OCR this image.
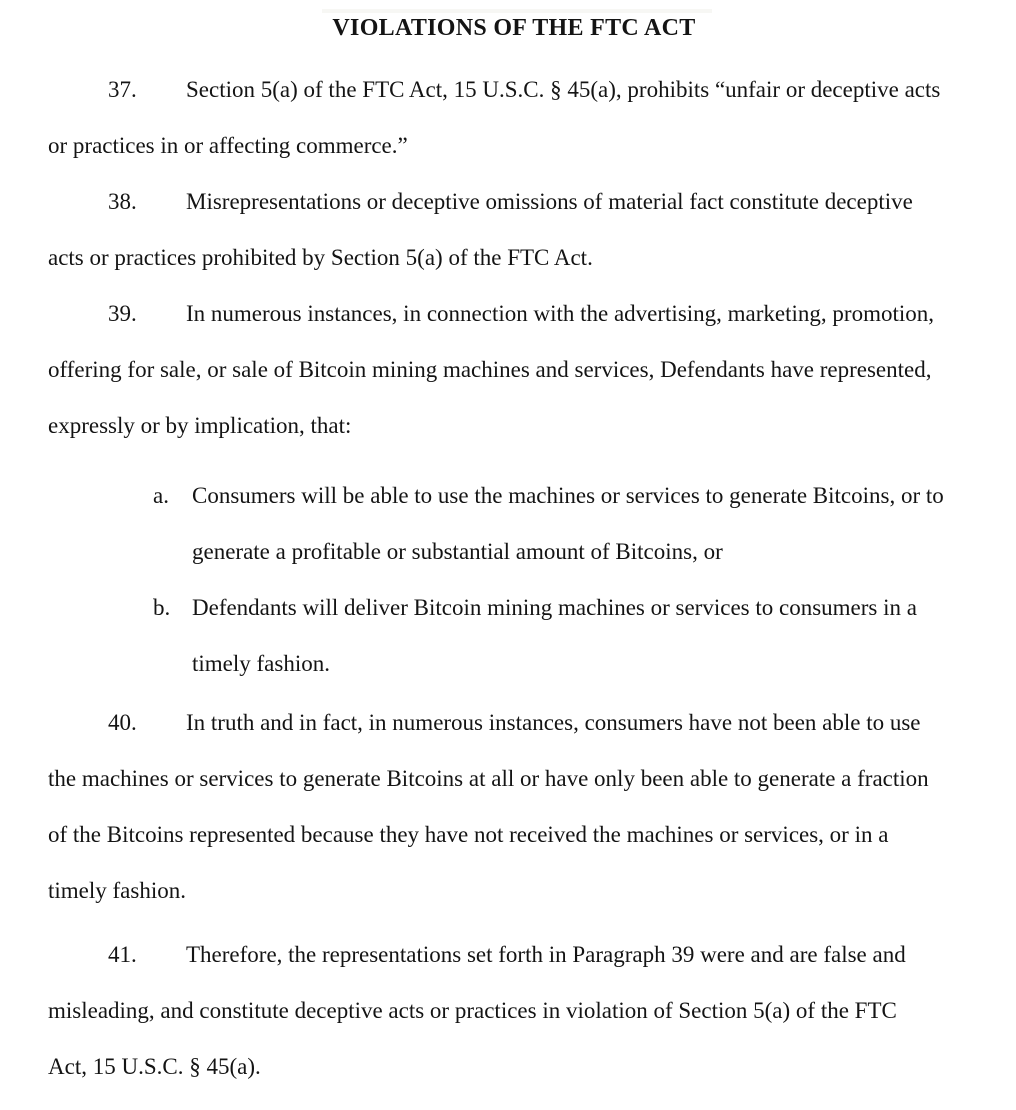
VIOLATIONS OF THE FTC ACT
37. Section 5(a) of the FTC Act, 15 U.S.C. § 45(a), prohibits “unfair or deceptive acts
or practices in or affecting commerce.”
38. Misrepresentations or deceptive omissions of material fact constitute deceptive
acts or practices prohibited by Section 5(a) of the FTC Act.
39. In numerous instances, in connection with the advertising, marketing, promotion,
offering for sale, or sale of Bitcoin mining machines and services, Defendants have represented,
expressly or by implication, that:
a. Consumers will be able to use the machines or services to generate Bitcoins, or to
generate a profitable or substantial amount of Bitcoins, or
b. Defendants will deliver Bitcoin mining machines or services to consumers in a
timely fashion.
40. In truth and in fact, in numerous instances, consumers have not been able to use
the machines or services to generate Bitcoins at all or have only been able to generate a fraction
of the Bitcoins represented because they have not received the machines or services, or in a
timely fashion.
41. Therefore, the representations set forth in Paragraph 39 were and are false and
misleading, and constitute deceptive acts or practices in violation of Section 5(a) of the FTC
Act, 15 U.S.C. § 45(a).
